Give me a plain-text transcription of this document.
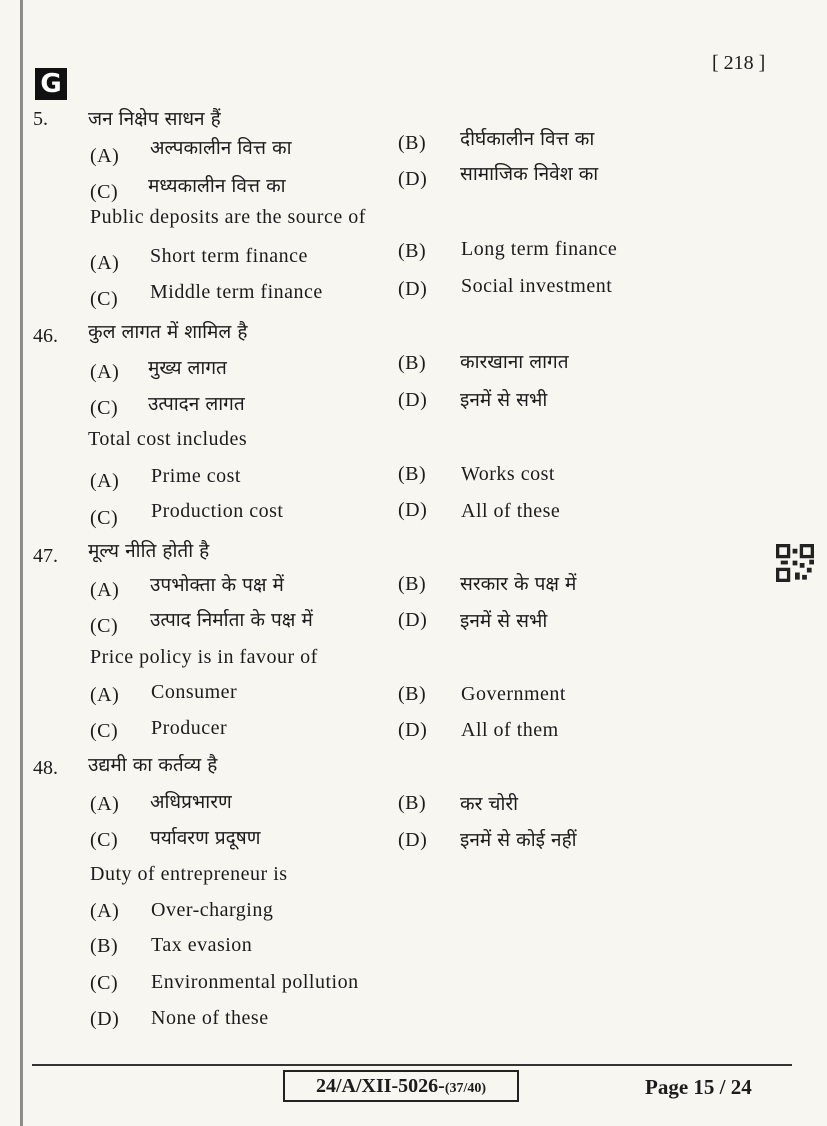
G
[ 218 ]
5. जन निक्षेप साधन हैं
(A) अल्पकालीन वित्त का	(B) दीर्घकालीन वित्त का
(C) मध्यकालीन वित्त का	(D) सामाजिक निवेश का
Public deposits are the source of
(A) Short term finance	(B) Long term finance
(C) Middle term finance	(D) Social investment
46. कुल लागत में शामिल है
(A) मुख्य लागत	(B) कारखाना लागत
(C) उत्पादन लागत	(D) इनमें से सभी
Total cost includes
(A) Prime cost	(B) Works cost
(C) Production cost	(D) All of these
47. मूल्य नीति होती है
(A) उपभोक्ता के पक्ष में	(B) सरकार के पक्ष में
(C) उत्पाद निर्माता के पक्ष में	(D) इनमें से सभी
Price policy is in favour of
(A) Consumer	(B) Government
(C) Producer	(D) All of them
48. उद्यमी का कर्तव्य है
(A) अधिप्रभारण	(B) कर चोरी
(C) पर्यावरण प्रदूषण	(D) इनमें से कोई नहीं
Duty of entrepreneur is
(A) Over-charging
(B) Tax evasion
(C) Environmental pollution
(D) None of these
24/A/XII-5026-(37/40)	Page 15 / 24
